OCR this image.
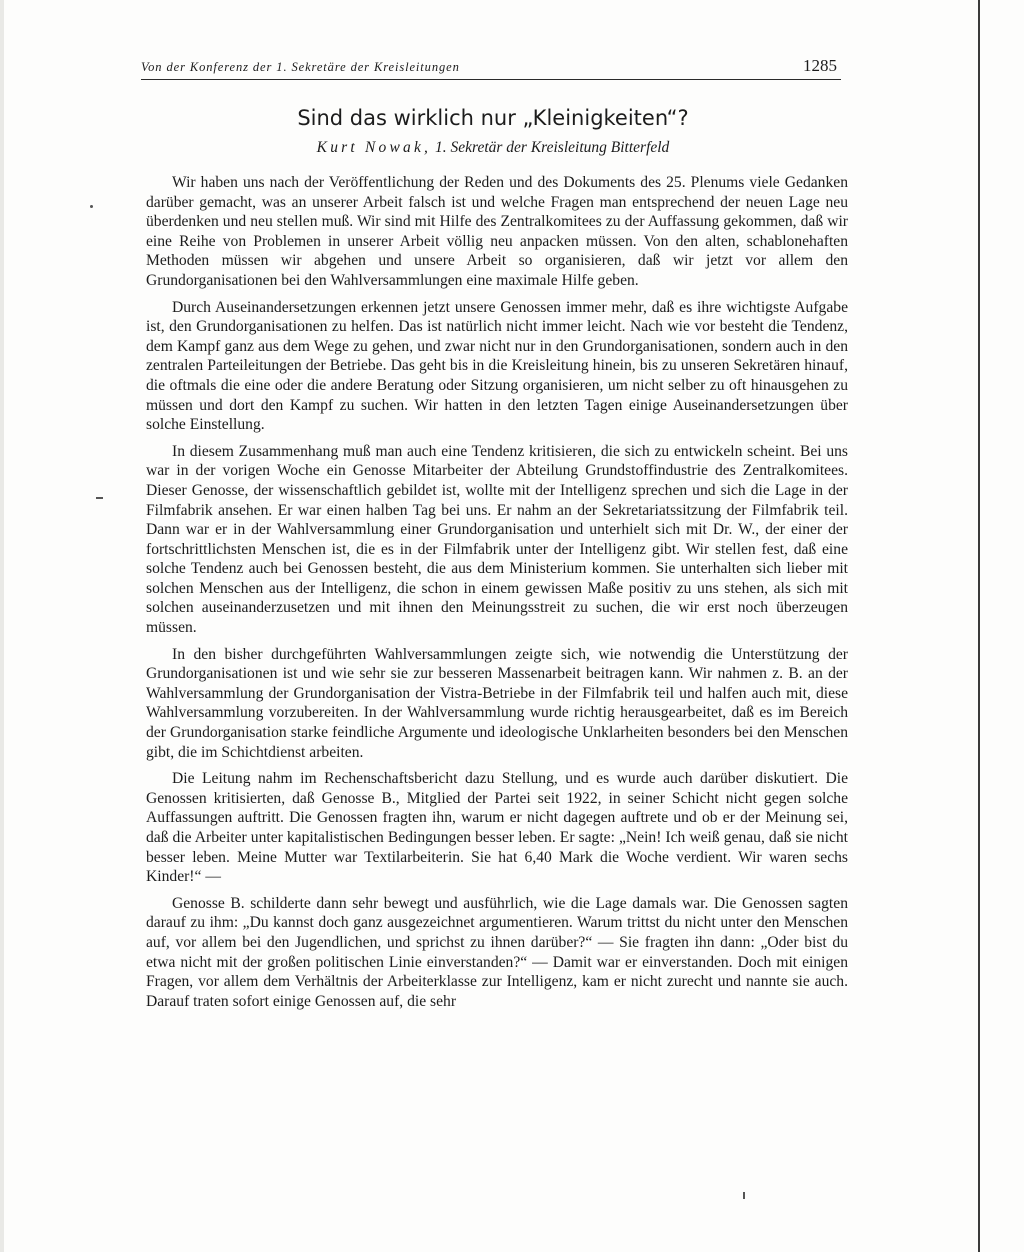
Von der Konferenz der 1. Sekretäre der Kreisleitungen	1285
Sind das wirklich nur „Kleinigkeiten“?
Kurt Nowak, 1. Sekretär der Kreisleitung Bitterfeld

Wir haben uns nach der Veröffentlichung der Reden und des Dokuments des 25. Plenums viele Gedanken darüber gemacht, was an unserer Arbeit falsch ist und welche Fragen man entsprechend der neuen Lage neu überdenken und neu stellen muß. Wir sind mit Hilfe des Zentralkomitees zu der Auffassung gekommen, daß wir eine Reihe von Problemen in unserer Arbeit völlig neu anpacken müssen. Von den alten, schablonehaften Methoden müssen wir abgehen und unsere Arbeit so organisieren, daß wir jetzt vor allem den Grundorganisationen bei den Wahlversammlungen eine maximale Hilfe geben.

Durch Auseinandersetzungen erkennen jetzt unsere Genossen immer mehr, daß es ihre wichtigste Aufgabe ist, den Grundorganisationen zu helfen. Das ist natürlich nicht immer leicht. Nach wie vor besteht die Tendenz, dem Kampf ganz aus dem Wege zu gehen, und zwar nicht nur in den Grundorganisationen, sondern auch in den zentralen Parteileitungen der Betriebe. Das geht bis in die Kreisleitung hinein, bis zu unseren Sekretären hinauf, die oftmals die eine oder die andere Beratung oder Sitzung organisieren, um nicht selber zu oft hinausgehen zu müssen und dort den Kampf zu suchen. Wir hatten in den letzten Tagen einige Auseinandersetzungen über solche Einstellung.

In diesem Zusammenhang muß man auch eine Tendenz kritisieren, die sich zu entwickeln scheint. Bei uns war in der vorigen Woche ein Genosse Mitarbeiter der Abteilung Grundstoffindustrie des Zentralkomitees. Dieser Genosse, der wissenschaftlich gebildet ist, wollte mit der Intelligenz sprechen und sich die Lage in der Filmfabrik ansehen. Er war einen halben Tag bei uns. Er nahm an der Sekretariatssitzung der Filmfabrik teil. Dann war er in der Wahlversammlung einer Grundorganisation und unterhielt sich mit Dr. W., der einer der fortschrittlichsten Menschen ist, die es in der Filmfabrik unter der Intelligenz gibt. Wir stellen fest, daß eine solche Tendenz auch bei Genossen besteht, die aus dem Ministerium kommen. Sie unterhalten sich lieber mit solchen Menschen aus der Intelligenz, die schon in einem gewissen Maße positiv zu uns stehen, als sich mit solchen auseinanderzusetzen und mit ihnen den Meinungsstreit zu suchen, die wir erst noch überzeugen müssen.

In den bisher durchgeführten Wahlversammlungen zeigte sich, wie notwendig die Unterstützung der Grundorganisationen ist und wie sehr sie zur besseren Massenarbeit beitragen kann. Wir nahmen z. B. an der Wahlversammlung der Grundorganisation der Vistra-Betriebe in der Filmfabrik teil und halfen auch mit, diese Wahlversammlung vorzubereiten. In der Wahlversammlung wurde richtig herausgearbeitet, daß es im Bereich der Grundorganisation starke feindliche Argumente und ideologische Unklarheiten besonders bei den Menschen gibt, die im Schichtdienst arbeiten.

Die Leitung nahm im Rechenschaftsbericht dazu Stellung, und es wurde auch darüber diskutiert. Die Genossen kritisierten, daß Genosse B., Mitglied der Partei seit 1922, in seiner Schicht nicht gegen solche Auffassungen auftritt. Die Genossen fragten ihn, warum er nicht dagegen auftrete und ob er der Meinung sei, daß die Arbeiter unter kapitalistischen Bedingungen besser leben. Er sagte: „Nein! Ich weiß genau, daß sie nicht besser leben. Meine Mutter war Textilarbeiterin. Sie hat 6,40 Mark die Woche verdient. Wir waren sechs Kinder!“ —

Genosse B. schilderte dann sehr bewegt und ausführlich, wie die Lage damals war. Die Genossen sagten darauf zu ihm: „Du kannst doch ganz ausgezeichnet argumentieren. Warum trittst du nicht unter den Menschen auf, vor allem bei den Jugendlichen, und sprichst zu ihnen darüber?“ — Sie fragten ihn dann: „Oder bist du etwa nicht mit der großen politischen Linie einverstanden?“ — Damit war er einverstanden. Doch mit einigen Fragen, vor allem dem Verhältnis der Arbeiterklasse zur Intelligenz, kam er nicht zurecht und nannte sie auch. Darauf traten sofort einige Genossen auf, die sehr
